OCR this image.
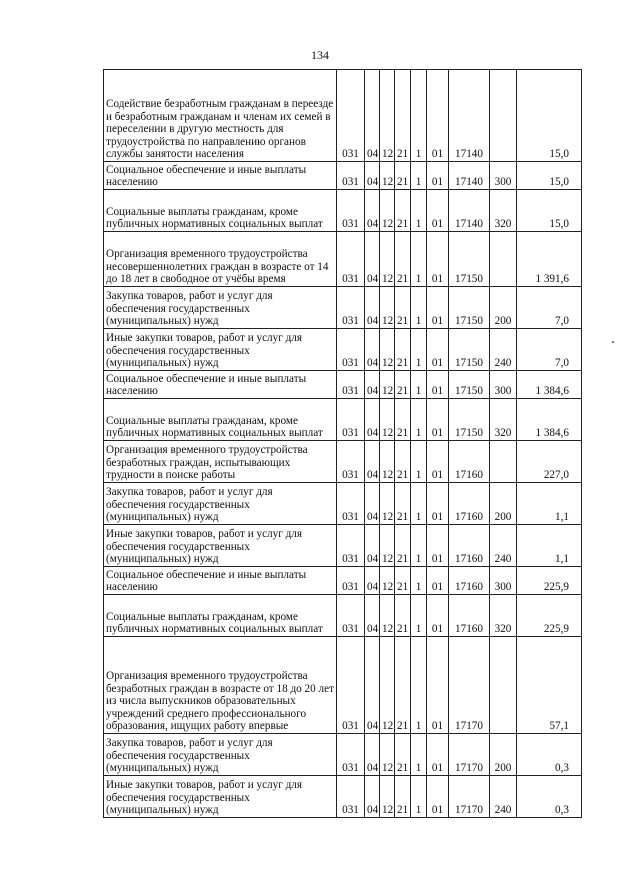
134
Содействие безработным гражданам в переезде и безработным гражданам и членам их семей в переселении в другую местность для трудоустройства по направлению органов службы занятости населения	031	04	12	21	1	01	17140		15,0
Социальное обеспечение и иные выплаты населению	031	04	12	21	1	01	17140	300	15,0
Социальные выплаты гражданам, кроме публичных нормативных социальных выплат	031	04	12	21	1	01	17140	320	15,0
Организация временного трудоустройства несовершеннолетних граждан в возрасте от 14 до 18 лет в свободное от учёбы время	031	04	12	21	1	01	17150		1 391,6
Закупка товаров, работ и услуг для обеспечения государственных (муниципальных) нужд	031	04	12	21	1	01	17150	200	7,0
Иные закупки товаров, работ и услуг для обеспечения государственных (муниципальных) нужд	031	04	12	21	1	01	17150	240	7,0
Социальное обеспечение и иные выплаты населению	031	04	12	21	1	01	17150	300	1 384,6
Социальные выплаты гражданам, кроме публичных нормативных социальных выплат	031	04	12	21	1	01	17150	320	1 384,6
Организация временного трудоустройства безработных граждан, испытывающих трудности в поиске работы	031	04	12	21	1	01	17160		227,0
Закупка товаров, работ и услуг для обеспечения государственных (муниципальных) нужд	031	04	12	21	1	01	17160	200	1,1
Иные закупки товаров, работ и услуг для обеспечения государственных (муниципальных) нужд	031	04	12	21	1	01	17160	240	1,1
Социальное обеспечение и иные выплаты населению	031	04	12	21	1	01	17160	300	225,9
Социальные выплаты гражданам, кроме публичных нормативных социальных выплат	031	04	12	21	1	01	17160	320	225,9
Организация временного трудоустройства безработных граждан в возрасте от 18 до 20 лет из числа выпускников образовательных учреждений среднего профессионального образования, ищущих работу впервые	031	04	12	21	1	01	17170		57,1
Закупка товаров, работ и услуг для обеспечения государственных (муниципальных) нужд	031	04	12	21	1	01	17170	200	0,3
Иные закупки товаров, работ и услуг для обеспечения государственных (муниципальных) нужд	031	04	12	21	1	01	17170	240	0,3
